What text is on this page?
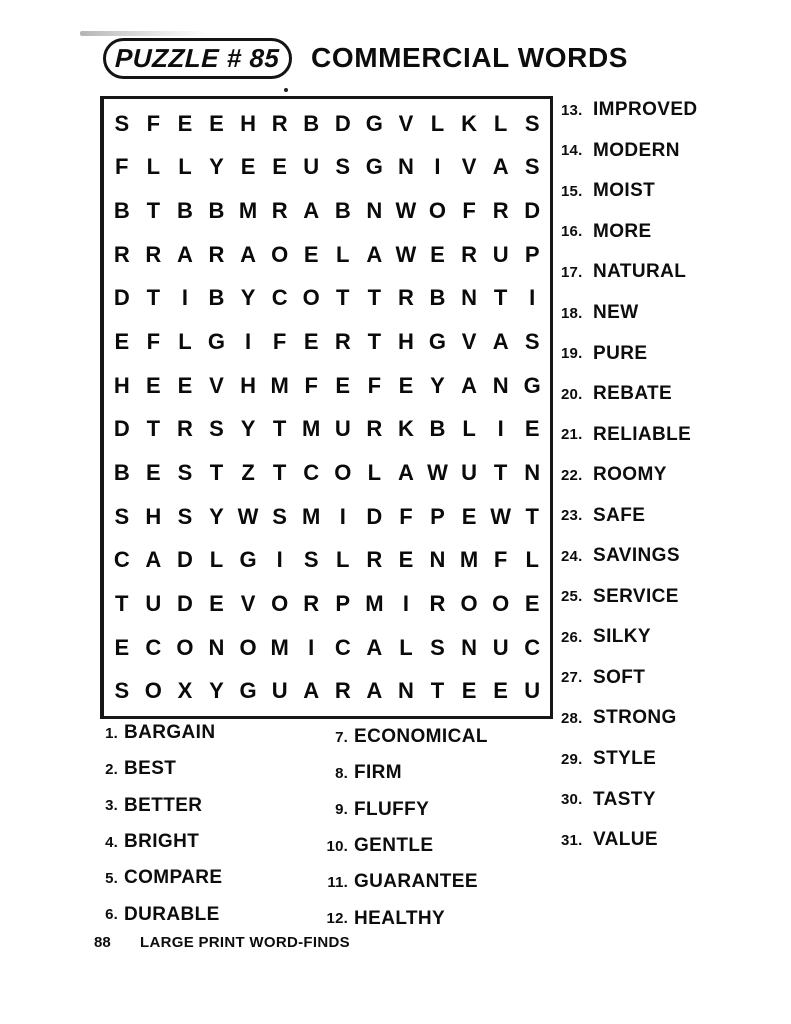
PUZZLE # 85 COMMERCIAL WORDS
S F E E H R B D G V L K L S
F L L Y E E U S G N I V A S
B T B B M R A B N W O F R D
R R A R A O E L A W E R U P
D T I B Y C O T T R B N T I
E F L G I F E R T H G V A S
H E E V H M F E F E Y A N G
D T R S Y T M U R K B L I E
B E S T Z T C O L A W U T N
S H S Y W S M I D F P E W T
C A D L G I S L R E N M F L
T U D E V O R P M I R O O E
E C O N O M I C A L S N U C
S O X Y G U A R A N T E E U
13. IMPROVED
14. MODERN
15. MOIST
16. MORE
17. NATURAL
18. NEW
19. PURE
20. REBATE
21. RELIABLE
22. ROOMY
23. SAFE
24. SAVINGS
25. SERVICE
26. SILKY
27. SOFT
28. STRONG
29. STYLE
30. TASTY
31. VALUE
1. BARGAIN
2. BEST
3. BETTER
4. BRIGHT
5. COMPARE
6. DURABLE
7. ECONOMICAL
8. FIRM
9. FLUFFY
10. GENTLE
11. GUARANTEE
12. HEALTHY
88 LARGE PRINT WORD-FINDS
